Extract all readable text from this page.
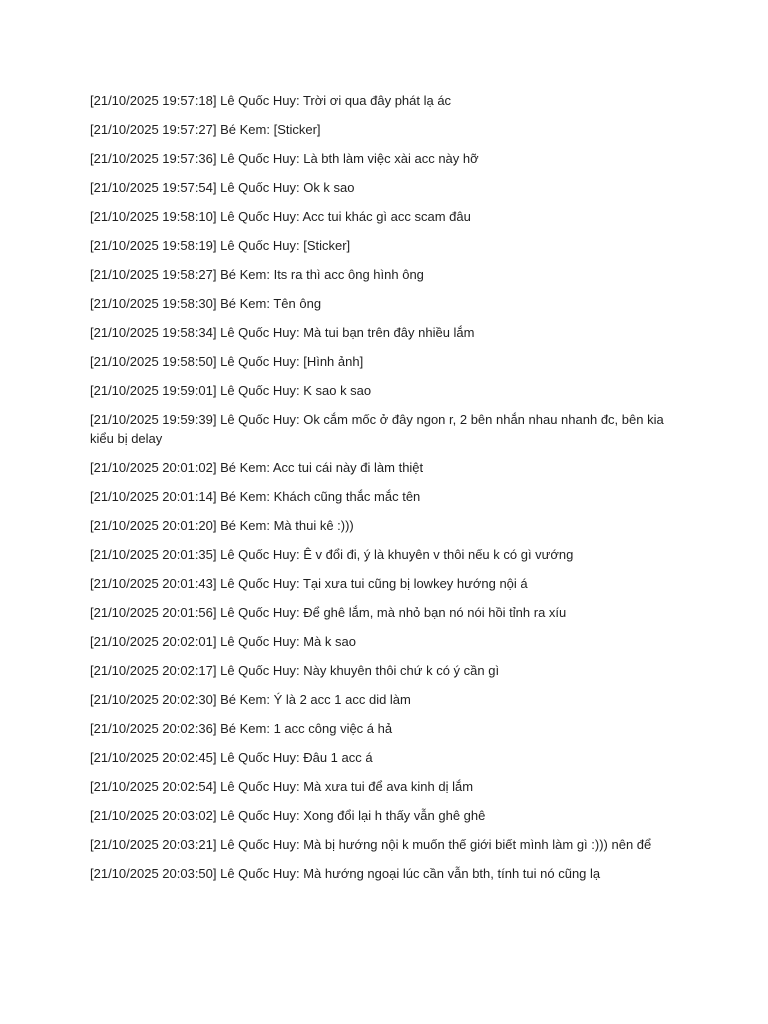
[21/10/2025 19:57:18] Lê Quốc Huy: Trời ơi qua đây phát lạ ác
[21/10/2025 19:57:27] Bé Kem: [Sticker]
[21/10/2025 19:57:36] Lê Quốc Huy: Là bth làm việc xài acc này hỡ
[21/10/2025 19:57:54] Lê Quốc Huy: Ok k sao
[21/10/2025 19:58:10] Lê Quốc Huy: Acc tui khác gì acc scam đâu
[21/10/2025 19:58:19] Lê Quốc Huy: [Sticker]
[21/10/2025 19:58:27] Bé Kem: Its ra thì acc ông hình ông
[21/10/2025 19:58:30] Bé Kem: Tên ông
[21/10/2025 19:58:34] Lê Quốc Huy: Mà tui bạn trên đây nhiều lắm
[21/10/2025 19:58:50] Lê Quốc Huy: [Hình ảnh]
[21/10/2025 19:59:01] Lê Quốc Huy: K sao k sao
[21/10/2025 19:59:39] Lê Quốc Huy: Ok cắm mốc ở đây ngon r, 2 bên nhắn nhau nhanh đc, bên kia kiểu bị delay
[21/10/2025 20:01:02] Bé Kem: Acc tui cái này đi làm thiệt
[21/10/2025 20:01:14] Bé Kem: Khách cũng thắc mắc tên
[21/10/2025 20:01:20] Bé Kem: Mà thui kê :)))
[21/10/2025 20:01:35] Lê Quốc Huy: Ê v đổi đi, ý là khuyên v thôi nếu k có gì vướng
[21/10/2025 20:01:43] Lê Quốc Huy: Tại xưa tui cũng bị lowkey hướng nội á
[21/10/2025 20:01:56] Lê Quốc Huy: Để ghê lắm, mà nhỏ bạn nó nói hồi tỉnh ra xíu
[21/10/2025 20:02:01] Lê Quốc Huy: Mà k sao
[21/10/2025 20:02:17] Lê Quốc Huy: Này khuyên thôi chứ k có ý cần gì
[21/10/2025 20:02:30] Bé Kem: Ý là 2 acc 1 acc did làm
[21/10/2025 20:02:36] Bé Kem: 1 acc công việc á hả
[21/10/2025 20:02:45] Lê Quốc Huy: Đâu 1 acc á
[21/10/2025 20:02:54] Lê Quốc Huy: Mà xưa tui để ava kinh dị lắm
[21/10/2025 20:03:02] Lê Quốc Huy: Xong đổi lại h thấy vẫn ghê ghê
[21/10/2025 20:03:21] Lê Quốc Huy: Mà bị hướng nội k muốn thế giới biết mình làm gì :))) nên để
[21/10/2025 20:03:50] Lê Quốc Huy: Mà hướng ngoại lúc cần vẫn bth, tính tui nó cũng lạ
